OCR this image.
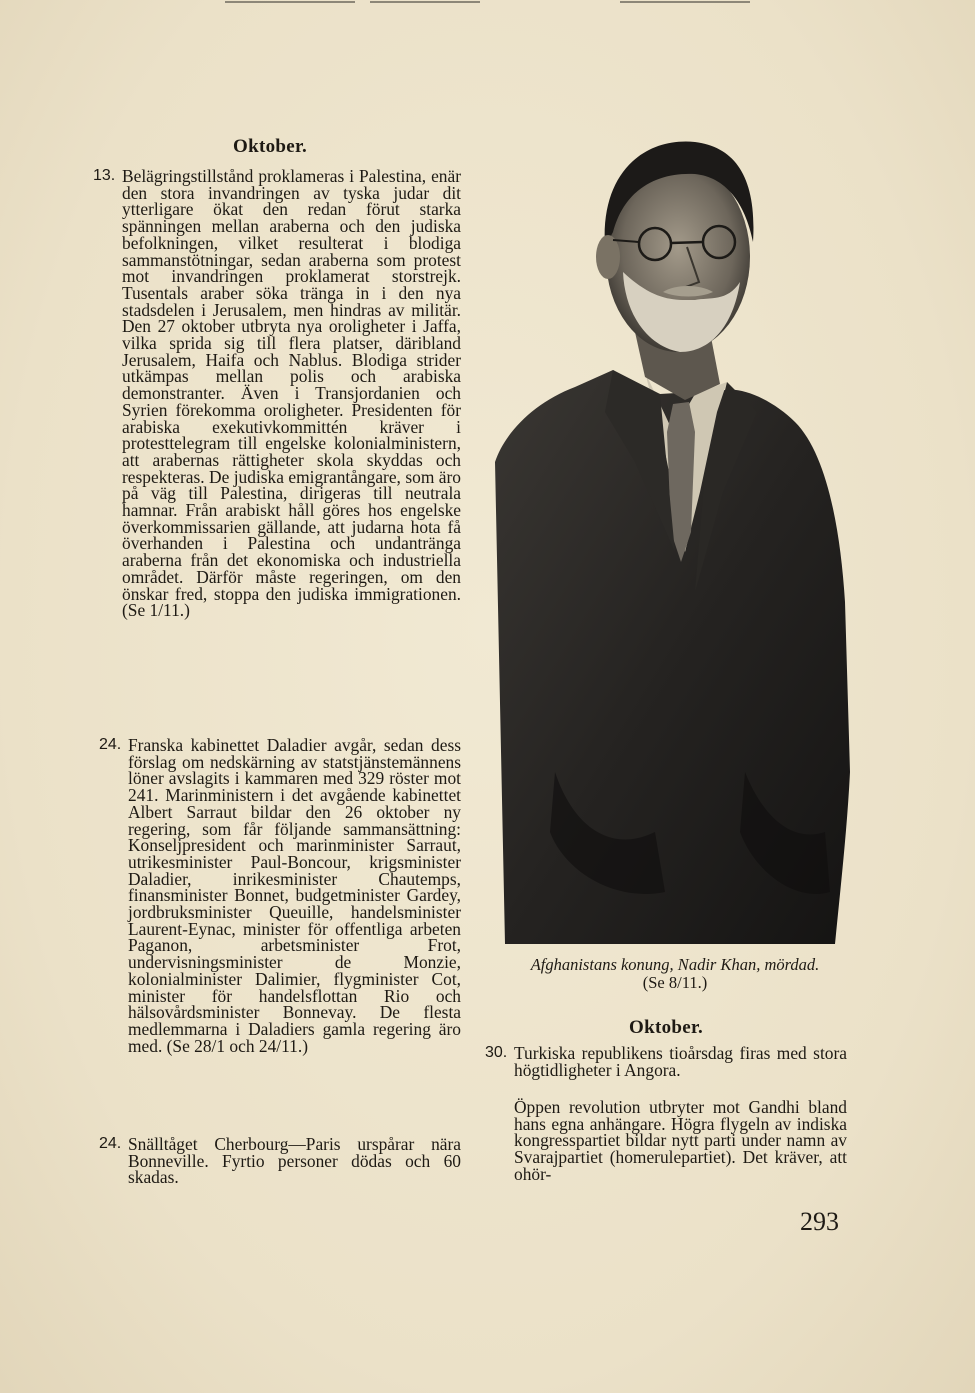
Oktober.
13. Belägringstillstånd proklameras i Palestina, enär den stora invandringen av tyska judar dit ytterligare ökat den redan förut starka spänningen mellan araberna och den judiska befolkningen, vilket resulterat i blodiga sammanstötningar, sedan araberna som protest mot invandringen proklamerat storstrejk. Tusentals araber söka tränga in i den nya stadsdelen i Jerusalem, men hindras av militär. Den 27 oktober utbryta nya oroligheter i Jaffa, vilka sprida sig till flera platser, däribland Jerusalem, Haifa och Nablus. Blodiga strider utkämpas mellan polis och arabiska demonstranter. Även i Transjordanien och Syrien förekomma oroligheter. Presidenten för arabiska exekutivkommittén kräver i protesttelegram till engelske kolonialministern, att arabernas rättigheter skola skyddas och respekteras. De judiska emigrantångare, som äro på väg till Palestina, dirigeras till neutrala hamnar. Från arabiskt håll göres hos engelske överkommissarien gällande, att judarna hota få överhanden i Palestina och undantränga araberna från det ekonomiska och industriella området. Därför måste regeringen, om den önskar fred, stoppa den judiska immigrationen. (Se 1/11.)
24. Franska kabinettet Daladier avgår, sedan dess förslag om nedskärning av statstjänstemännens löner avslagits i kammaren med 329 röster mot 241. Marinministern i det avgående kabinettet Albert Sarraut bildar den 26 oktober ny regering, som får följande sammansättning: Konseljpresident och marinminister Sarraut, utrikesminister Paul-Boncour, krigsminister Daladier, inrikesminister Chautemps, finansminister Bonnet, budgetminister Gardey, jordbruksminister Queuille, handelsminister Laurent-Eynac, minister för offentliga arbeten Paganon, arbetsminister Frot, undervisningsminister de Monzie, kolonialminister Dalimier, flygminister Cot, minister för handelsflottan Rio och hälsovårdsminister Bonnevay. De flesta medlemmarna i Daladiers gamla regering äro med. (Se 28/1 och 24/11.)
24. Snälltåget Cherbourg—Paris urspårar nära Bonneville. Fyrtio personer dödas och 60 skadas.
Afghanistans konung, Nadir Khan, mördad.
(Se 8/11.)
Oktober.
30. Turkiska republikens tioårsdag firas med stora högtidligheter i Angora.
Öppen revolution utbryter mot Gandhi bland hans egna anhängare. Högra flygeln av indiska kongresspartiet bildar nytt parti under namn av Svarajpartiet (homerulepartiet). Det kräver, att ohör-
293
